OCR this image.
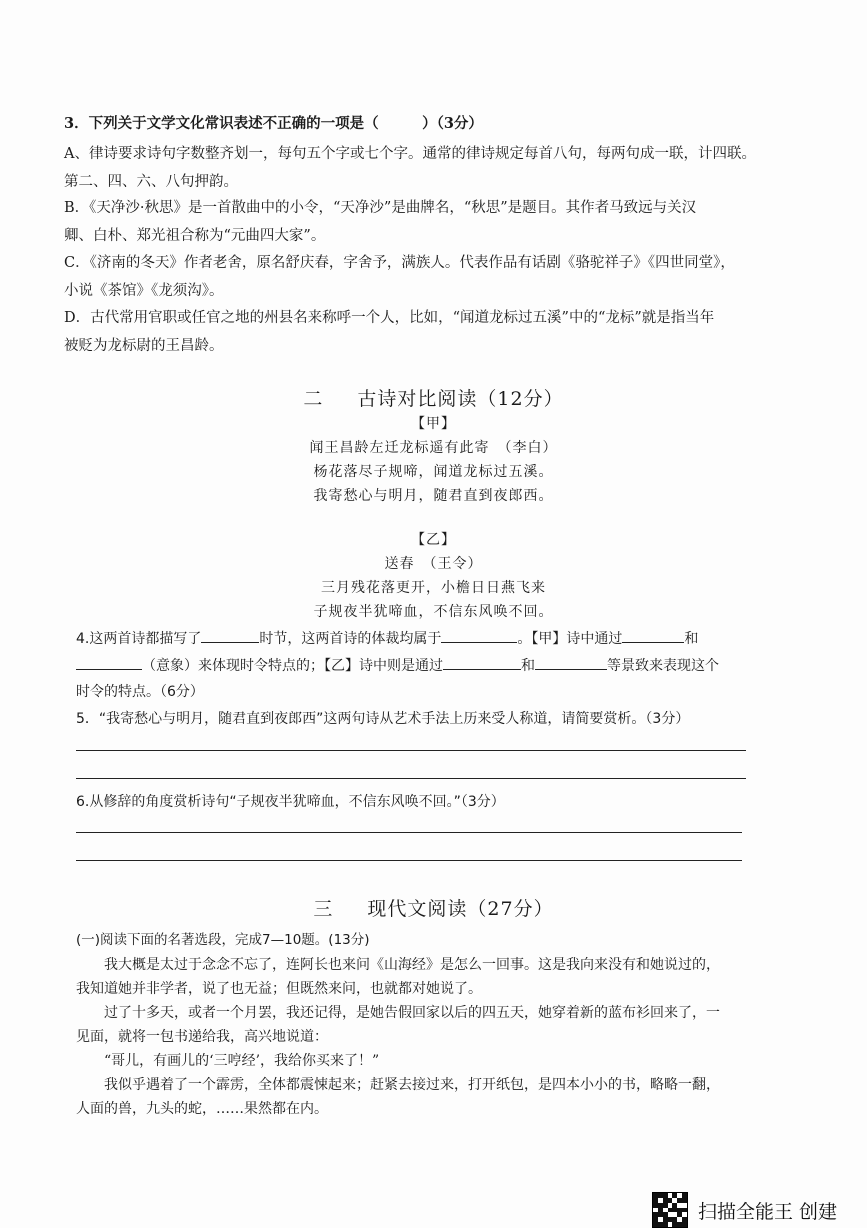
3．下列关于文学文化常识表述不正确的一项是（　　　）（3分）
A、律诗要求诗句字数整齐划一，每句五个字或七个字。通常的律诗规定每首八句，每两句成一联，计四联。
第二、四、六、八句押韵。
B．《天净沙·秋思》是一首散曲中的小令，“天净沙”是曲牌名，“秋思”是题目。其作者马致远与关汉
卿、白朴、郑光祖合称为“元曲四大家”。
C．《济南的冬天》作者老舍，原名舒庆春，字舍予，满族人。代表作品有话剧《骆驼祥子》《四世同堂》，
小说《茶馆》《龙须沟》。
D．古代常用官职或任官之地的州县名来称呼一个人，比如，“闻道龙标过五溪”中的“龙标”就是指当年
被贬为龙标尉的王昌龄。
二 古诗对比阅读（12分）
【甲】
闻王昌龄左迁龙标遥有此寄　（李白）
杨花落尽子规啼，闻道龙标过五溪。
我寄愁心与明月，随君直到夜郎西。
【乙】
送春　（王令）
三月残花落更开，小檐日日燕飞来
子规夜半犹啼血，不信东风唤不回。
4.这两首诗都描写了	时节，这两首诗的体裁均属于	。【甲】诗中通过	和
（意象）来体现时令特点的；【乙】诗中则是通过	和	等景致来表现这个
时令的特点。（6分）
5．“我寄愁心与明月，随君直到夜郎西”这两句诗从艺术手法上历来受人称道，请简要赏析。（3分）
6.从修辞的角度赏析诗句“子规夜半犹啼血，不信东风唤不回。”（3分）
三 现代文阅读（27分）
(一)阅读下面的名著选段，完成7—10题。(13分)
我大概是太过于念念不忘了，连阿长也来问《山海经》是怎么一回事。这是我向来没有和她说过的，
我知道她并非学者，说了也无益；但既然来问，也就都对她说了。
过了十多天，或者一个月罢，我还记得，是她告假回家以后的四五天，她穿着新的蓝布衫回来了，一
见面，就将一包书递给我，高兴地说道：
“哥儿，有画儿的‘三哼经’，我给你买来了！”
我似乎遇着了一个霹雳，全体都震悚起来；赶紧去接过来，打开纸包，是四本小小的书，略略一翻，
人面的兽，九头的蛇，……果然都在内。
扫描全能王 创建
